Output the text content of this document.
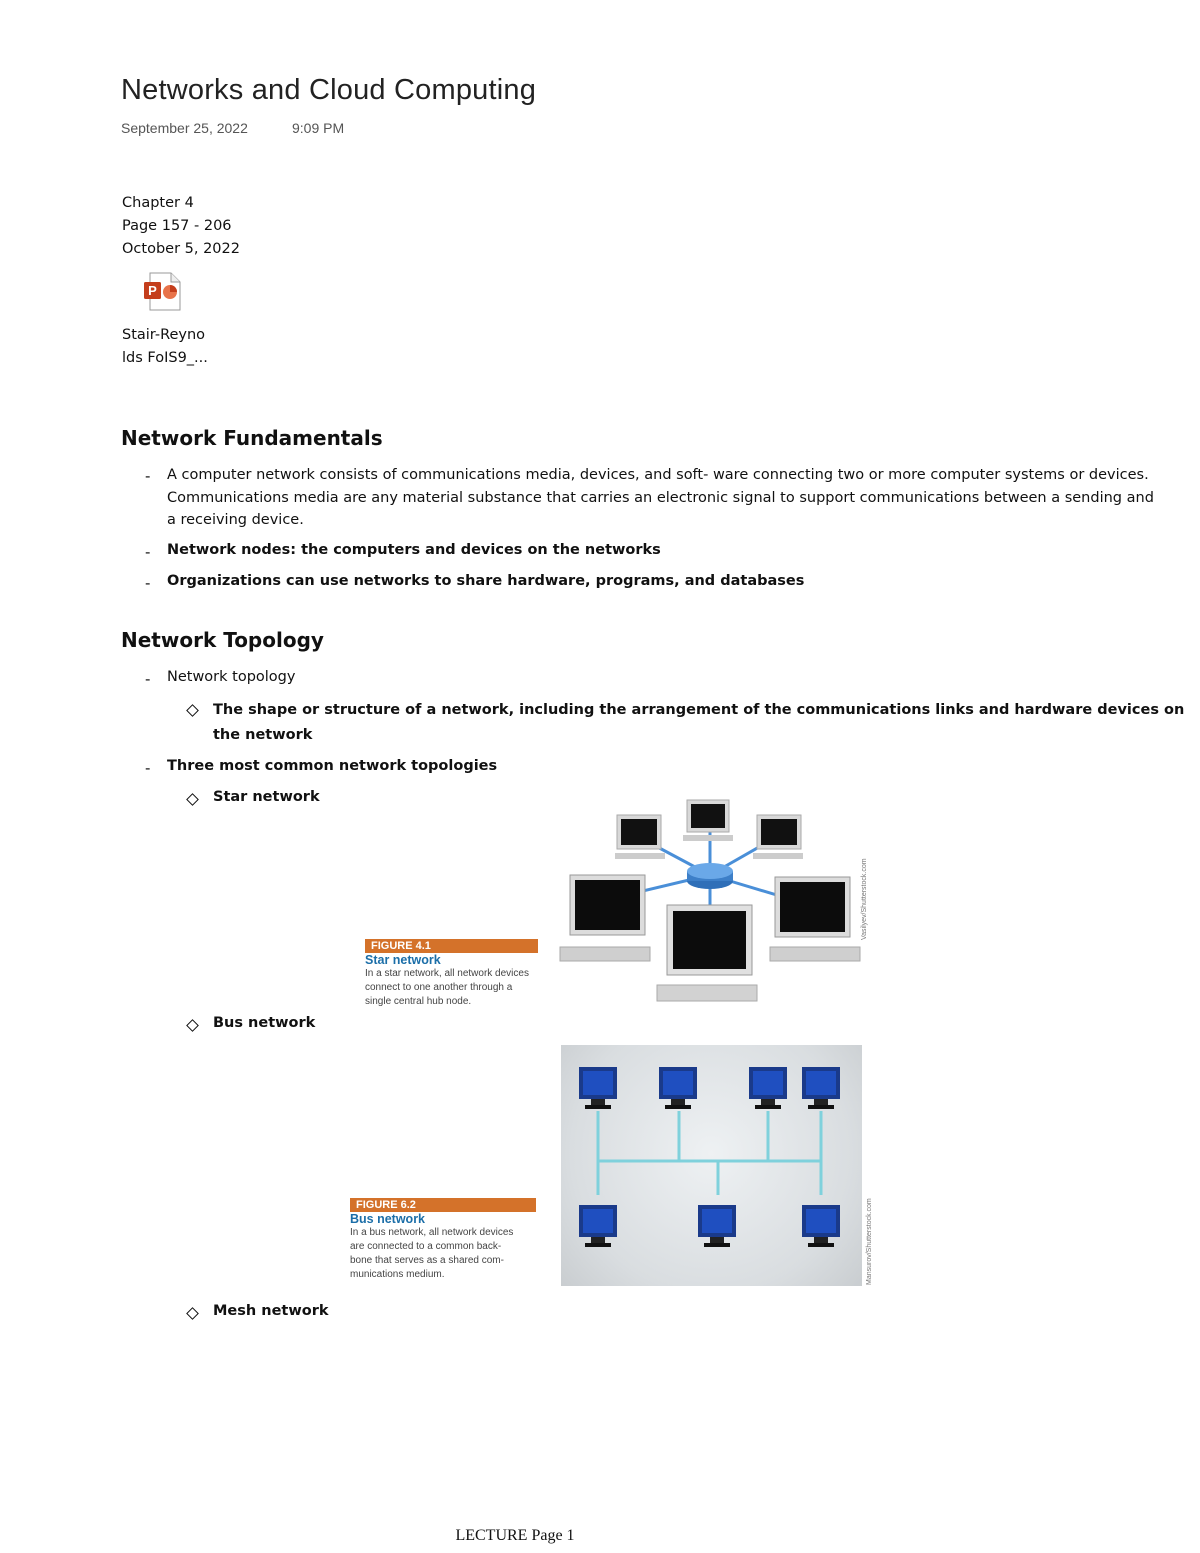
Networks and Cloud Computing
September 25, 2022	9:09 PM
Chapter 4
Page 157 - 206
October 5, 2022
P
Stair-Reyno
lds FoIS9_...
Network Fundamentals
- A computer network consists of communications media, devices, and soft- ware connecting two or more computer systems or devices.
Communications media are any material substance that carries an electronic signal to support communications between a sending and
a receiving device.
- Network nodes: the computers and devices on the networks
- Organizations can use networks to share hardware, programs, and databases
Network Topology
- Network topology
The shape or structure of a network, including the arrangement of the communications links and hardware devices on
the network
- Three most common network topologies
Star network
FIGURE 4.1
Star network
In a star network, all network devices
connect to one another through a
single central hub node.
Vasilyev/Shutterstock.com
Bus network
FIGURE 6.2
Bus network
In a bus network, all network devices
are connected to a common back-
bone that serves as a shared com-
munications medium.	Mansurov/Shutterstock.com
Mesh network
LECTURE Page 1
